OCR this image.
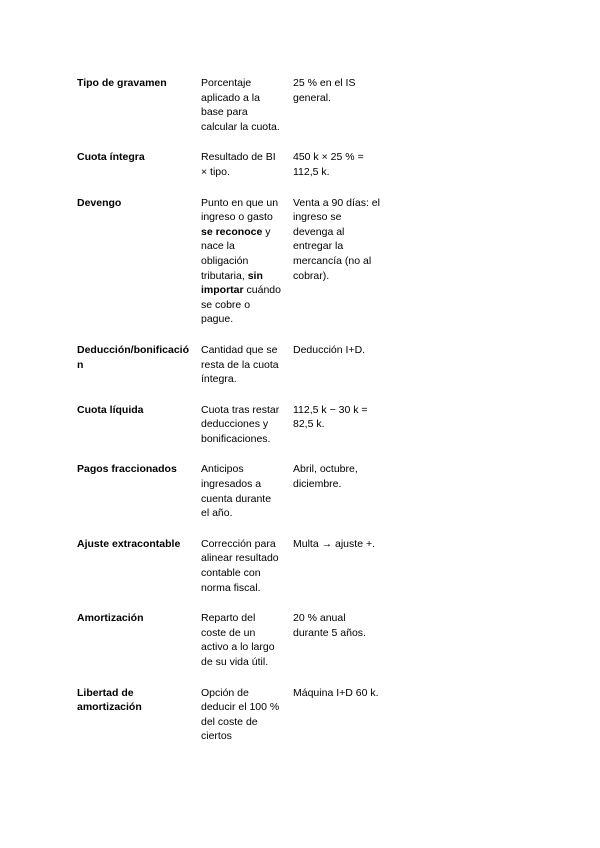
Tipo de gravamen	Porcentaje aplicado a la base para calcular la cuota.	25 % en el IS general.
Cuota íntegra	Resultado de BI × tipo.	450 k × 25 % = 112,5 k.
Devengo	Punto en que un ingreso o gasto se reconoce y nace la obligación tributaria, sin importar cuándo se cobre o pague.	Venta a 90 días: el ingreso se devenga al entregar la mercancía (no al cobrar).
Deducción/bonificación	Cantidad que se resta de la cuota íntegra.	Deducción I+D.
Cuota líquida	Cuota tras restar deducciones y bonificaciones.	112,5 k − 30 k = 82,5 k.
Pagos fraccionados	Anticipos ingresados a cuenta durante el año.	Abril, octubre, diciembre.
Ajuste extracontable	Corrección para alinear resultado contable con norma fiscal.	Multa → ajuste +.
Amortización	Reparto del coste de un activo a lo largo de su vida útil.	20 % anual durante 5 años.
Libertad de amortización	Opción de deducir el 100 % del coste de ciertos	Máquina I+D 60 k.
